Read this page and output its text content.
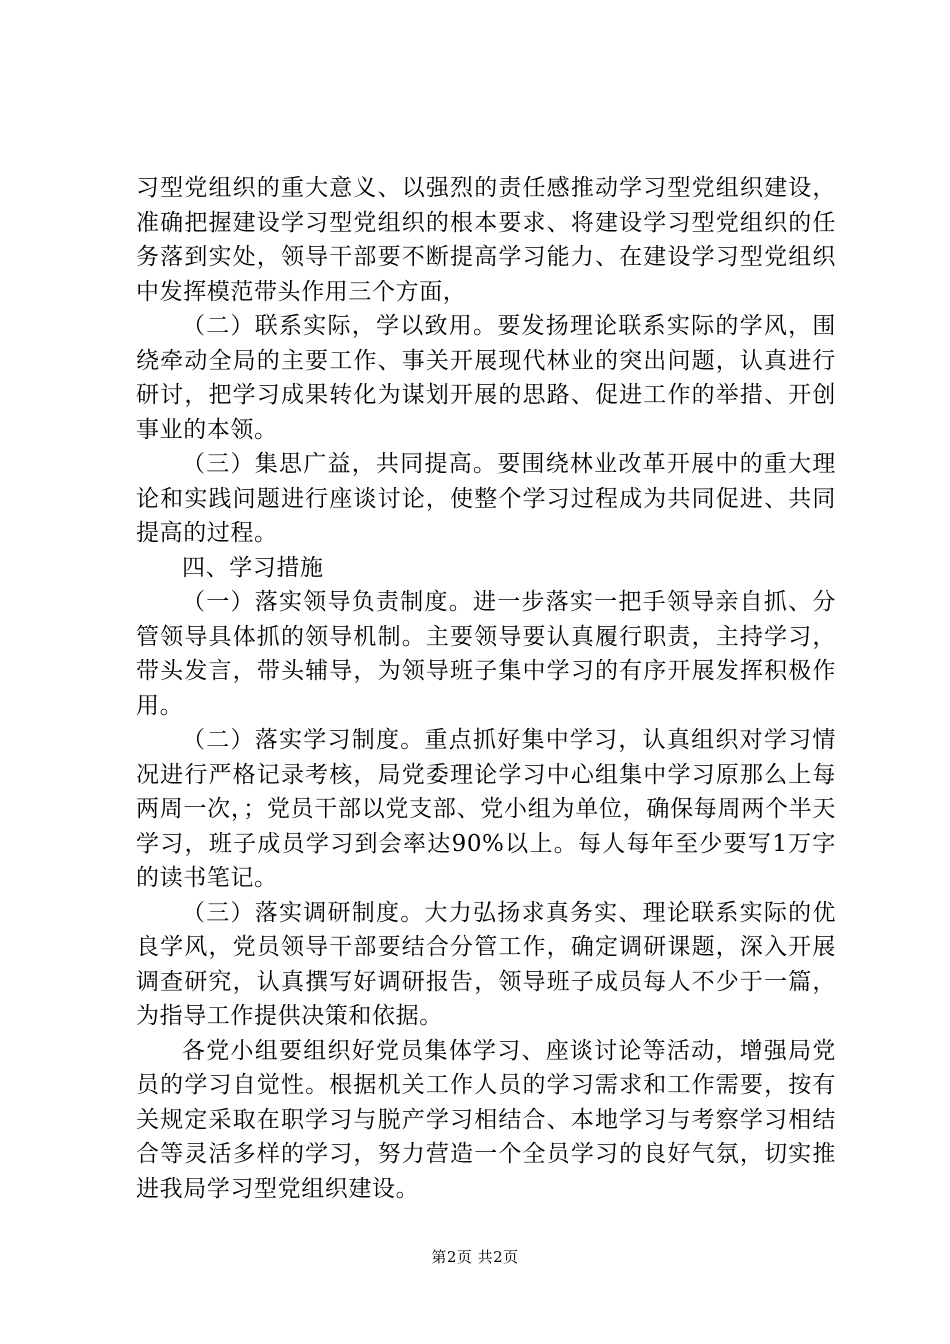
习型党组织的重大意义、以强烈的责任感推动学习型党组织建设，准确把握建设学习型党组织的根本要求、将建设学习型党组织的任务落到实处，领导干部要不断提高学习能力、在建设学习型党组织中发挥模范带头作用三个方面，

（二）联系实际，学以致用。要发扬理论联系实际的学风，围绕牵动全局的主要工作、事关开展现代林业的突出问题，认真进行研讨，把学习成果转化为谋划开展的思路、促进工作的举措、开创事业的本领。

（三）集思广益，共同提高。要围绕林业改革开展中的重大理论和实践问题进行座谈讨论，使整个学习过程成为共同促进、共同提高的过程。

四、学习措施

（一）落实领导负责制度。进一步落实一把手领导亲自抓、分管领导具体抓的领导机制。主要领导要认真履行职责，主持学习，带头发言，带头辅导，为领导班子集中学习的有序开展发挥积极作用。

（二）落实学习制度。重点抓好集中学习，认真组织对学习情况进行严格记录考核，局党委理论学习中心组集中学习原那么上每两周一次，；党员干部以党支部、党小组为单位，确保每周两个半天学习，班子成员学习到会率达90%以上。每人每年至少要写1万字的读书笔记。

（三）落实调研制度。大力弘扬求真务实、理论联系实际的优良学风，党员领导干部要结合分管工作，确定调研课题，深入开展调查研究，认真撰写好调研报告，领导班子成员每人不少于一篇，为指导工作提供决策和依据。

各党小组要组织好党员集体学习、座谈讨论等活动，增强局党员的学习自觉性。根据机关工作人员的学习需求和工作需要，按有关规定采取在职学习与脱产学习相结合、本地学习与考察学习相结合等灵活多样的学习，努力营造一个全员学习的良好气氛，切实推进我局学习型党组织建设。

第2页 共2页
